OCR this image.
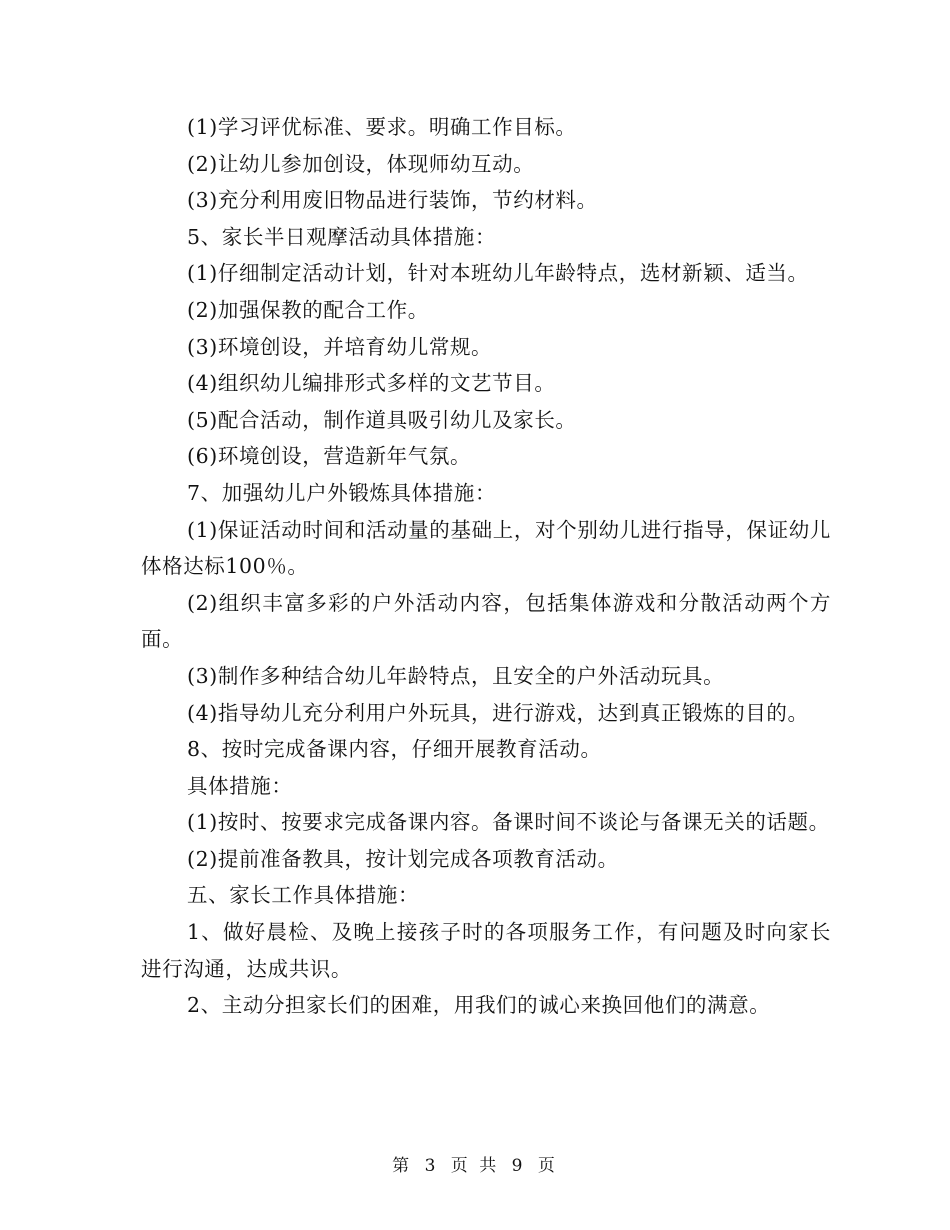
(1)学习评优标准、要求。明确工作目标。

(2)让幼儿参加创设，体现师幼互动。

(3)充分利用废旧物品进行装饰，节约材料。

5、家长半日观摩活动具体措施：

(1)仔细制定活动计划，针对本班幼儿年龄特点，选材新颖、适当。

(2)加强保教的配合工作。

(3)环境创设，并培育幼儿常规。

(4)组织幼儿编排形式多样的文艺节目。

(5)配合活动，制作道具吸引幼儿及家长。

(6)环境创设，营造新年气氛。

7、加强幼儿户外锻炼具体措施：

(1)保证活动时间和活动量的基础上，对个别幼儿进行指导，保证幼儿体格达标100％。

(2)组织丰富多彩的户外活动内容，包括集体游戏和分散活动两个方面。

(3)制作多种结合幼儿年龄特点，且安全的户外活动玩具。

(4)指导幼儿充分利用户外玩具，进行游戏，达到真正锻炼的目的。

8、按时完成备课内容，仔细开展教育活动。

具体措施：

(1)按时、按要求完成备课内容。备课时间不谈论与备课无关的话题。

(2)提前准备教具，按计划完成各项教育活动。

五、家长工作具体措施：

1、做好晨检、及晚上接孩子时的各项服务工作，有问题及时向家长进行沟通，达成共识。

2、主动分担家长们的困难，用我们的诚心来换回他们的满意。

第 3 页 共 9 页
